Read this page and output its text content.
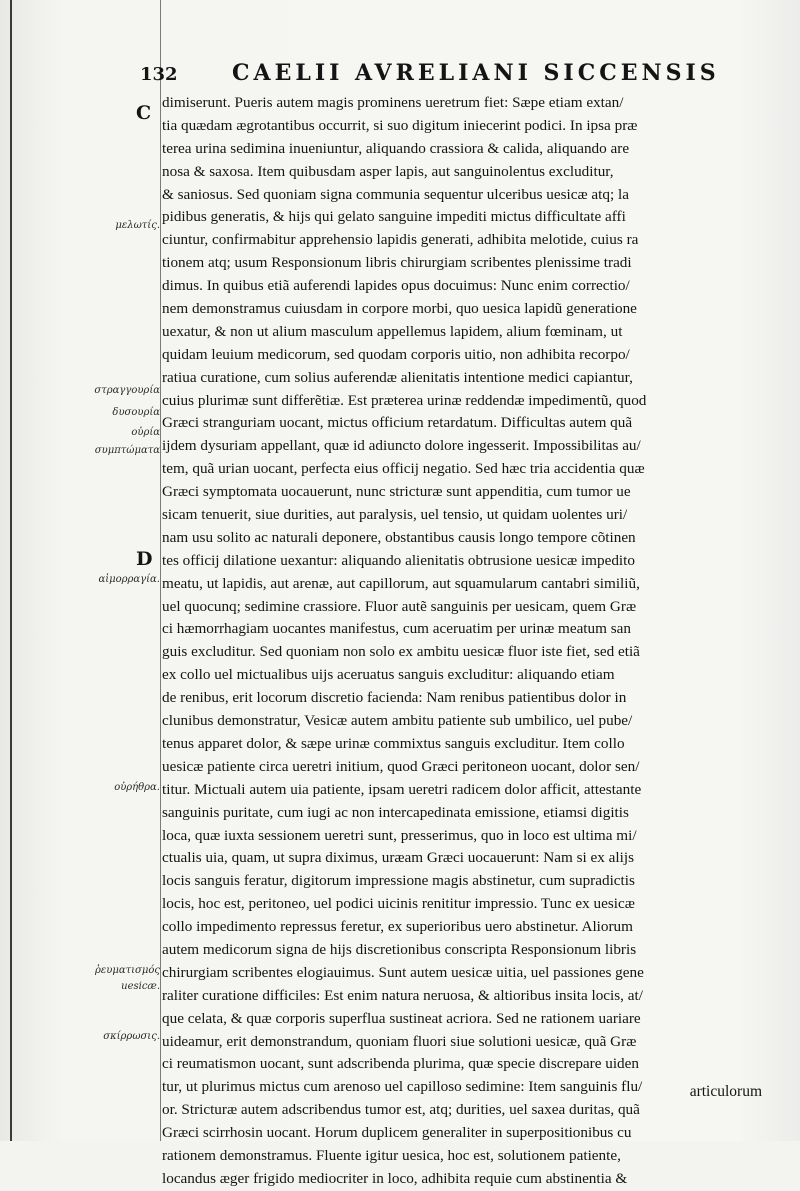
132 CAELII AVRELIANI SICCENSIS
C
D
μελωτίς.
στραγγουρία
δυσουρία
οὐρία
συμπτώματα
αἱμορραγία.
οὐρήθρα.
ῥευματισμός
uesicæ.
σκίρρωσις.
dimiserunt. Pueris autem magis prominens ueretrum fiet: Sæpe etiam extan/
tia quædam ægrotantibus occurrit, si suo digitum iniecerint podici. In ipsa præ
terea urina sedimina inueniuntur, aliquando crassiora & calida, aliquando are
nosa & saxosa. Item quibusdam asper lapis, aut sanguinolentus excluditur,
& saniosus. Sed quoniam signa communia sequentur ulceribus uesicæ atq; la
pidibus generatis, & hijs qui gelato sanguine impediti mictus difficultate affi
ciuntur, confirmabitur apprehensio lapidis generati, adhibita melotide, cuius ra
tionem atq; usum Responsionum libris chirurgiam scribentes plenissime tradi
dimus. In quibus etiã auferendi lapides opus docuimus: Nunc enim correctio/
nem demonstramus cuiusdam in corpore morbi, quo uesica lapidũ generatione
uexatur, & non ut alium masculum appellemus lapidem, alium fœminam, ut
quidam leuium medicorum, sed quodam corporis uitio, non adhibita recorpo/
ratiua curatione, cum solius auferendæ alienitatis intentione medici capiantur,
cuius plurimæ sunt differẽtiæ. Est præterea urinæ reddendæ impedimentũ, quod
Græci stranguriam uocant, mictus officium retardatum. Difficultas autem quã
ijdem dysuriam appellant, quæ id adiuncto dolore ingesserit. Impossibilitas au/
tem, quã urian uocant, perfecta eius officij negatio. Sed hæc tria accidentia quæ
Græci symptomata uocauerunt, nunc stricturæ sunt appenditia, cum tumor ue
sicam tenuerit, siue durities, aut paralysis, uel tensio, ut quidam uolentes uri/
nam usu solito ac naturali deponere, obstantibus causis longo tempore cõtinen
tes officij dilatione uexantur: aliquando alienitatis obtrusione uesicæ impedito
meatu, ut lapidis, aut arenæ, aut capillorum, aut squamularum cantabri similiũ,
uel quocunq; sedimine crassiore. Fluor autẽ sanguinis per uesicam, quem Græ
ci hæmorrhagiam uocantes manifestus, cum aceruatim per urinæ meatum san
guis excluditur. Sed quoniam non solo ex ambitu uesicæ fluor iste fiet, sed etiã
ex collo uel mictualibus uijs aceruatus sanguis excluditur: aliquando etiam
de renibus, erit locorum discretio facienda: Nam renibus patientibus dolor in
clunibus demonstratur, Vesicæ autem ambitu patiente sub umbilico, uel pube/
tenus apparet dolor, & sæpe urinæ commixtus sanguis excluditur. Item collo
uesicæ patiente circa ueretri initium, quod Græci peritoneon uocant, dolor sen/
titur. Mictuali autem uia patiente, ipsam ueretri radicem dolor afficit, attestante
sanguinis puritate, cum iugi ac non intercapedinata emissione, etiamsi digitis
loca, quæ iuxta sessionem ueretri sunt, presserimus, quo in loco est ultima mi/
ctualis uia, quam, ut supra diximus, uræam Græci uocauerunt: Nam si ex alijs
locis sanguis feratur, digitorum impressione magis abstinetur, cum supradictis
locis, hoc est, peritoneo, uel podici uicinis renititur impressio. Tunc ex uesicæ
collo impedimento repressus feretur, ex superioribus uero abstinetur. Aliorum
autem medicorum signa de hijs discretionibus conscripta Responsionum libris
chirurgiam scribentes elogiauimus. Sunt autem uesicæ uitia, uel passiones gene
raliter curatione difficiles: Est enim natura neruosa, & altioribus insita locis, at/
que celata, & quæ corporis superflua sustineat acriora. Sed ne rationem uariare
uideamur, erit demonstrandum, quoniam fluori siue solutioni uesicæ, quã Græ
ci reumatismon uocant, sunt adscribenda plurima, quæ specie discrepare uiden
tur, ut plurimus mictus cum arenoso uel capilloso sedimine: Item sanguinis flu/
or. Stricturæ autem adscribendus tumor est, atq; durities, uel saxea duritas, quã
Græci scirrhosin uocant. Horum duplicem generaliter in superpositionibus cu
rationem demonstramus. Fluente igitur uesica, hoc est, solutionem patiente,
locandus æger frigido mediocriter in loco, adhibita requie cum abstinentia &
articulorum
